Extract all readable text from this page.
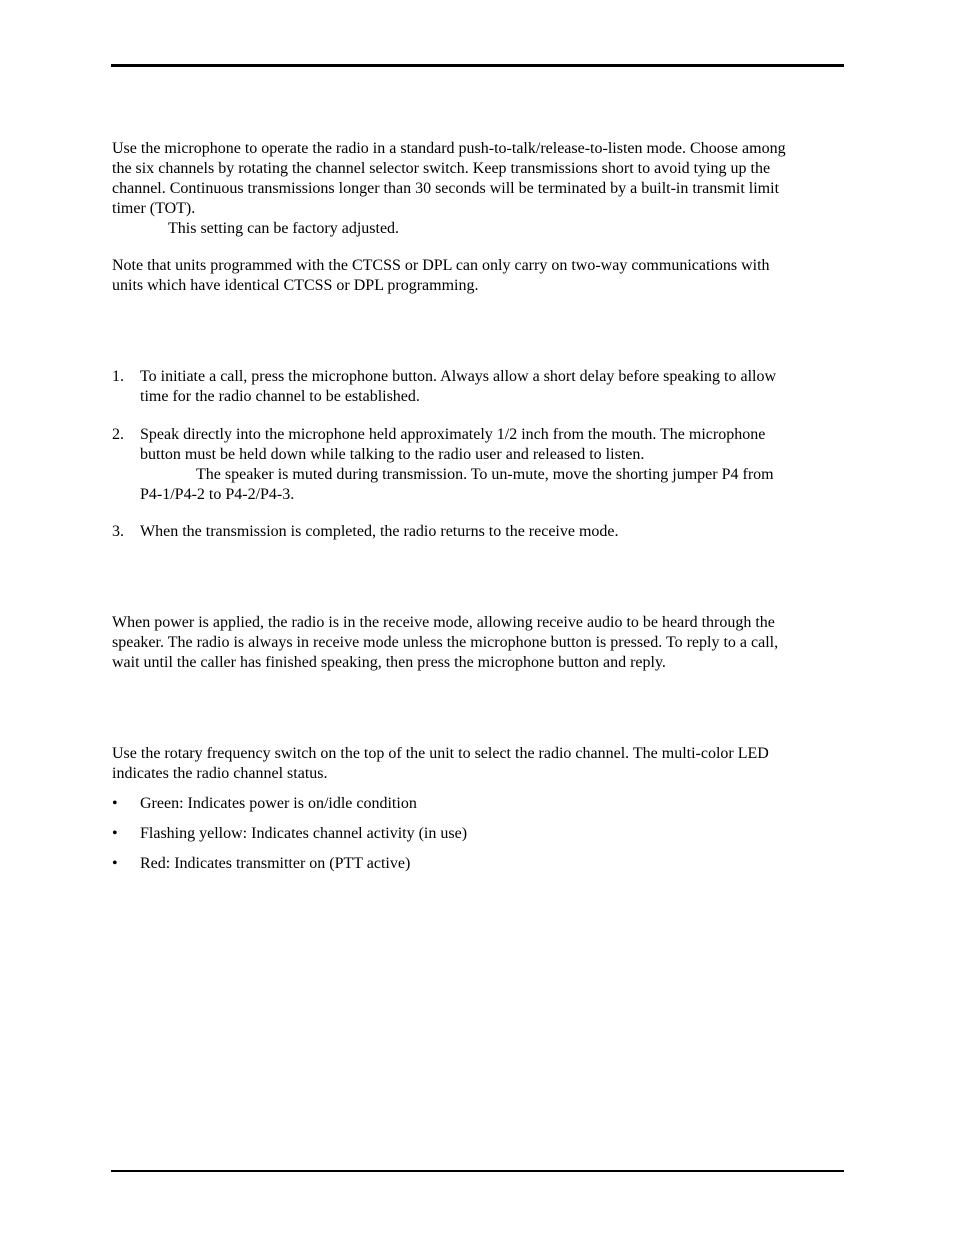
Use the microphone to operate the radio in a standard push-to-talk/release-to-listen mode. Choose among
the six channels by rotating the channel selector switch. Keep transmissions short to avoid tying up the
channel. Continuous transmissions longer than 30 seconds will be terminated by a built-in transmit limit
timer (TOT).
This setting can be factory adjusted.
Note that units programmed with the CTCSS or DPL can only carry on two-way communications with
units which have identical CTCSS or DPL programming.
1. To initiate a call, press the microphone button. Always allow a short delay before speaking to allow
time for the radio channel to be established.
2. Speak directly into the microphone held approximately 1/2 inch from the mouth. The microphone
button must be held down while talking to the radio user and released to listen.
The speaker is muted during transmission. To un-mute, move the shorting jumper P4 from
P4-1/P4-2 to P4-2/P4-3.
3. When the transmission is completed, the radio returns to the receive mode.
When power is applied, the radio is in the receive mode, allowing receive audio to be heard through the
speaker. The radio is always in receive mode unless the microphone button is pressed. To reply to a call,
wait until the caller has finished speaking, then press the microphone button and reply.
Use the rotary frequency switch on the top of the unit to select the radio channel. The multi-color LED
indicates the radio channel status.
•	Green: Indicates power is on/idle condition
•	Flashing yellow: Indicates channel activity (in use)
•	Red: Indicates transmitter on (PTT active)
